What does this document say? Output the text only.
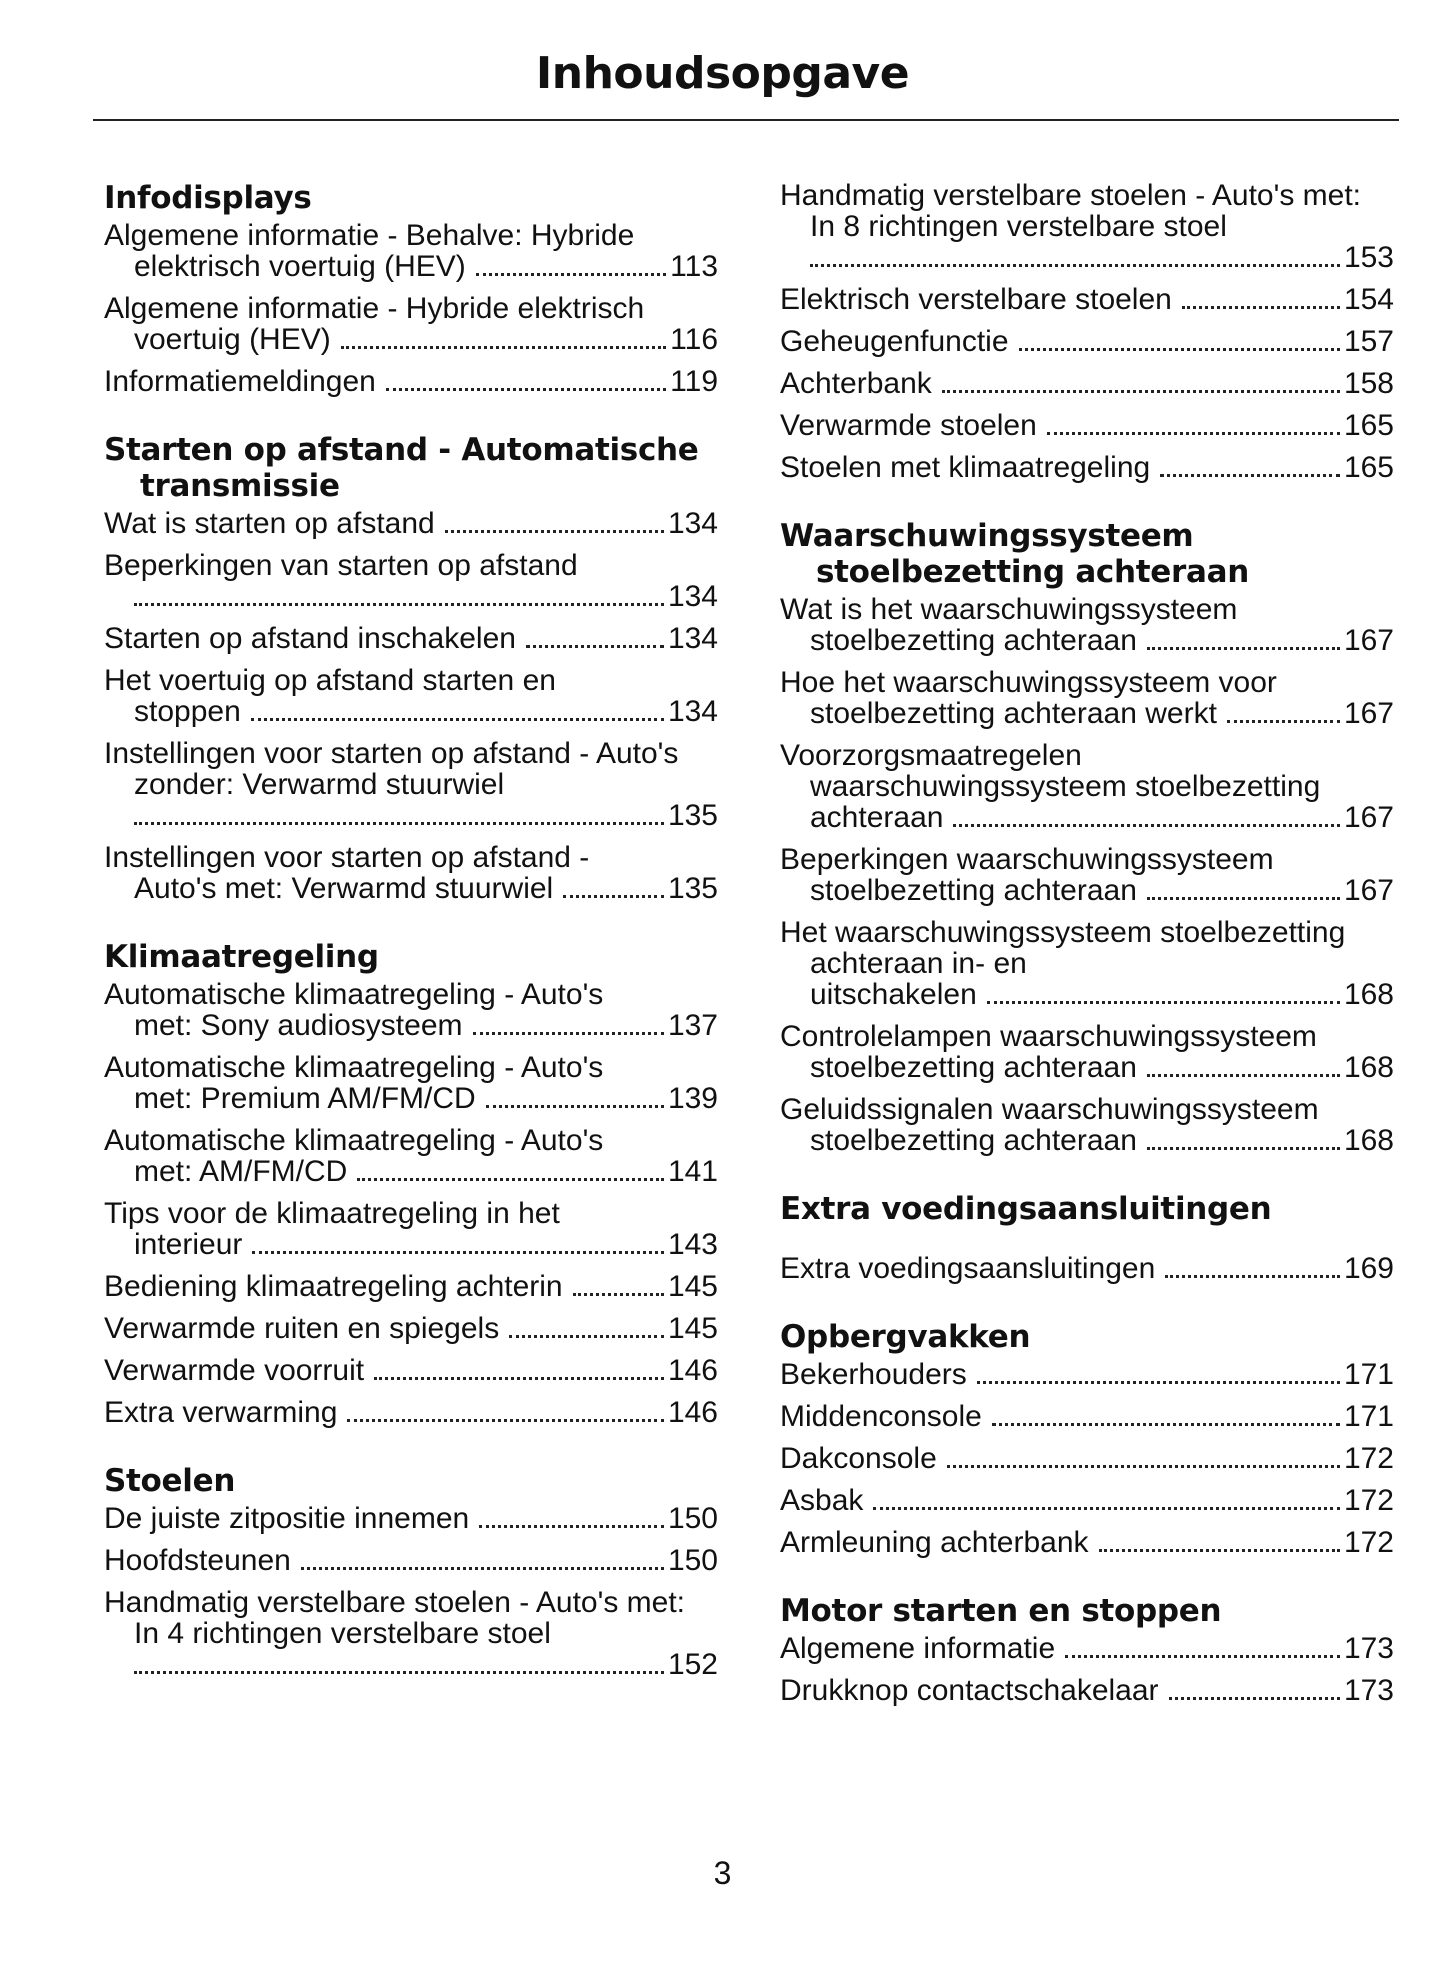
Inhoudsopgave
Infodisplays
Algemene informatie - Behalve: Hybride
elektrisch voertuig (HEV)	113
Algemene informatie - Hybride elektrisch
voertuig (HEV)	116
Informatiemeldingen	119
Starten op afstand - Automatische transmissie
Wat is starten op afstand	134
Beperkingen van starten op afstand
134
Starten op afstand inschakelen	134
Het voertuig op afstand starten en
stoppen	134
Instellingen voor starten op afstand - Auto's zonder: Verwarmd stuurwiel
135
Instellingen voor starten op afstand -
Auto's met: Verwarmd stuurwiel	135
Klimaatregeling
Automatische klimaatregeling - Auto's
met: Sony audiosysteem	137
Automatische klimaatregeling - Auto's
met: Premium AM/FM/CD	139
Automatische klimaatregeling - Auto's
met: AM/FM/CD	141
Tips voor de klimaatregeling in het
interieur	143
Bediening klimaatregeling achterin	145
Verwarmde ruiten en spiegels	145
Verwarmde voorruit	146
Extra verwarming	146
Stoelen
De juiste zitpositie innemen	150
Hoofdsteunen	150
Handmatig verstelbare stoelen - Auto's met: In 4 richtingen verstelbare stoel
152
Handmatig verstelbare stoelen - Auto's met: In 8 richtingen verstelbare stoel
153
Elektrisch verstelbare stoelen	154
Geheugenfunctie	157
Achterbank	158
Verwarmde stoelen	165
Stoelen met klimaatregeling	165
Waarschuwingssysteem stoelbezetting achteraan
Wat is het waarschuwingssysteem
stoelbezetting achteraan	167
Hoe het waarschuwingssysteem voor
stoelbezetting achteraan werkt	167
Voorzorgsmaatregelen waarschuwingssysteem stoelbezetting
achteraan	167
Beperkingen waarschuwingssysteem
stoelbezetting achteraan	167
Het waarschuwingssysteem stoelbezetting achteraan in- en
uitschakelen	168
Controlelampen waarschuwingssysteem
stoelbezetting achteraan	168
Geluidssignalen waarschuwingssysteem
stoelbezetting achteraan	168
Extra voedingsaansluitingen
Extra voedingsaansluitingen	169
Opbergvakken
Bekerhouders	171
Middenconsole	171
Dakconsole	172
Asbak	172
Armleuning achterbank	172
Motor starten en stoppen
Algemene informatie	173
Drukknop contactschakelaar	173
3
